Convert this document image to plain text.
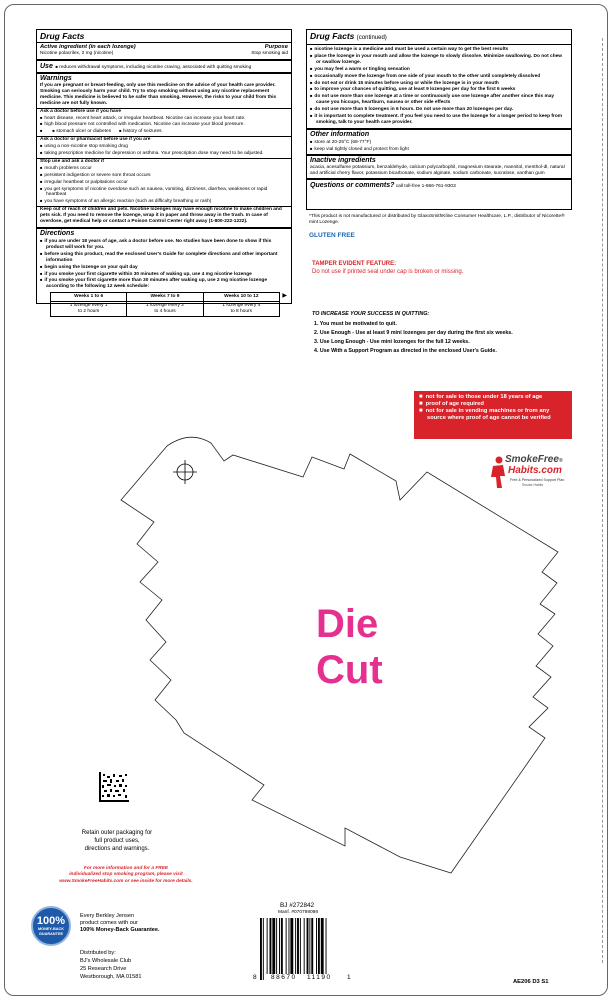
Drug Facts
Active ingredient (in each lozenge)	Purpose
Nicotine polacrilex, 2 mg (nicotine)	Stop smoking aid
Use ■ reduces withdrawal symptoms, including nicotine craving, associated with quitting smoking
Warnings
If you are pregnant or breast-feeding, only use this medicine on the advice of your health care provider. Smoking can seriously harm your child. Try to stop smoking without using any nicotine replacement medicine. This medicine is believed to be safer than smoking. However, the risks to your child from this medicine are not fully known.
Ask a doctor before use if you have
■ heart disease, recent heart attack, or irregular heartbeat. Nicotine can increase your heart rate.
■ high blood pressure not controlled with medication. Nicotine can increase your blood pressure.
■ ■ stomach ulcer or diabetes ■ history of seizures
Ask a doctor or pharmacist before use if you are
■ using a non-nicotine stop smoking drug
■ taking prescription medicine for depression or asthma. Your prescription dose may need to be adjusted.
Stop use and ask a doctor if
■ mouth problems occur
■ persistent indigestion or severe sore throat occurs
■ irregular heartbeat or palpitations occur
■ you get symptoms of nicotine overdose such as nausea, vomiting, dizziness, diarrhea, weakness or rapid heartbeat
■ you have symptoms of an allergic reaction (such as difficulty breathing or rash)
Keep out of reach of children and pets. Nicotine lozenges may have enough nicotine to make children and pets sick. If you need to remove the lozenge, wrap it in paper and throw away in the trash. In case of overdose, get medical help or contact a Poison Control Center right away (1-800-222-1222).
Directions
■ if you are under 18 years of age, ask a doctor before use. No studies have been done to show if this product will work for you.
■ before using this product, read the enclosed User's Guide for complete directions and other important information
■ begin using the lozenge on your quit day
■ if you smoke your first cigarette within 30 minutes of waking up, use 4 mg nicotine lozenge
■ if you smoke your first cigarette more than 30 minutes after waking up, use 2 mg nicotine lozenge according to the following 12 week schedule:
Weeks 1 to 6	Weeks 7 to 9	Weeks 10 to 12
1 lozenge every 1 to 2 hours	1 lozenge every 2 to 4 hours	1 lozenge every 4 to 8 hours
▶
Drug Facts (continued)
■ nicotine lozenge is a medicine and must be used a certain way to get the best results
■ place the lozenge in your mouth and allow the lozenge to slowly dissolve. Minimize swallowing. Do not chew or swallow lozenge.
■ you may feel a warm or tingling sensation
■ occasionally move the lozenge from one side of your mouth to the other until completely dissolved
■ do not eat or drink 15 minutes before using or while the lozenge is in your mouth
■ to improve your chances of quitting, use at least 9 lozenges per day for the first 6 weeks
■ do not use more than one lozenge at a time or continuously use one lozenge after another since this may cause you hiccups, heartburn, nausea or other side effects
■ do not use more than 5 lozenges in 6 hours. Do not use more than 20 lozenges per day.
■ it is important to complete treatment. If you feel you need to use the lozenge for a longer period to keep from smoking, talk to your health care provider.
Other information
■ store at 20-25°C (68-77°F)
■ keep vial tightly closed and protect from light
Inactive ingredients
acacia, acesulfame potassium, benzaldehyde, calcium polycarbophil, magnesium stearate, mannitol, menthol-dl, natural and artificial cherry flavor, potassium bicarbonate, sodium alginate, sodium carbonate, sucralose, xanthan gum
Questions or comments? call toll-free 1-866-761-9303
*This product is not manufactured or distributed by GlaxoSmithKline Consumer Healthcare, L.P., distributor of Nicorette® mint Lozenge.
GLUTEN FREE
TAMPER EVIDENT FEATURE:
Do not use if printed seal under cap is broken or missing.
TO INCREASE YOUR SUCCESS IN QUITTING:
1. You must be motivated to quit.
2. Use Enough - Use at least 9 mini lozenges per day during the first six weeks.
3. Use Long Enough - Use mini lozenges for the full 12 weeks.
4. Use With a Support Program as directed in the enclosed User's Guide.
■ not for sale to those under 18 years of age
■ proof of age required
■ not for sale in vending machines or from any source where proof of age cannot be verified
SmokeFree®
Habits.com
Free & Personalized Support Plan
Smoke Habits
Die
Cut
Retain outer packaging for
full product uses,
directions and warnings.
For more information and for a FREE
individualized stop smoking program, please visit
www.SmokeFreeHabits.com or see inside for more details.
100%
MONEY-BACK
GUARANTEE
Every Berkley Jensen
product comes with our
100% Money-Back Guarantee.
Distributed by:
BJ's Wholesale Club
25 Research Drive
Westborough, MA 01581
BJ #272842
Manf. #070798098
8 88670 11190 1
AE206 D3 S1
